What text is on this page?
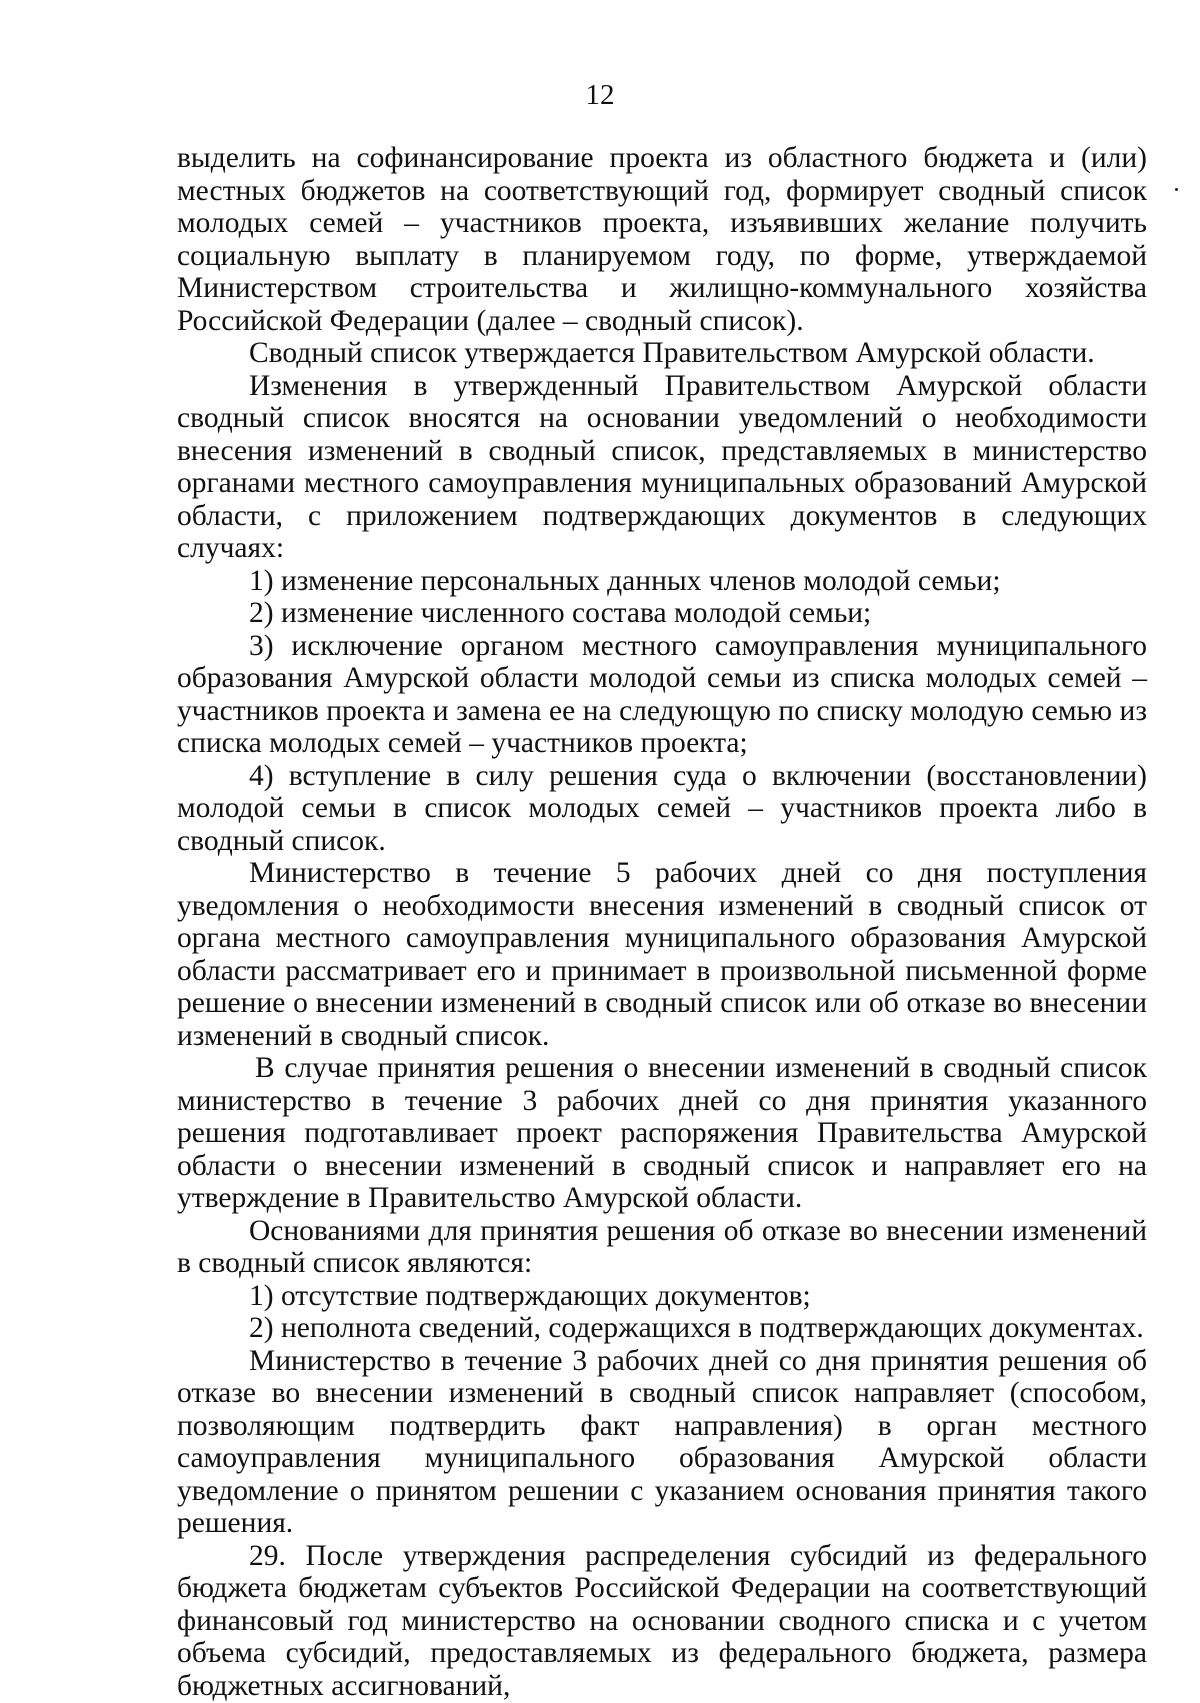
12

выделить на софинансирование проекта из областного бюджета и (или) местных бюджетов на соответствующий год, формирует сводный список молодых семей – участников проекта, изъявивших желание получить социальную выплату в планируемом году, по форме, утверждаемой Министерством строительства и жилищно-коммунального хозяйства Российской Федерации (далее – сводный список).

Сводный список утверждается Правительством Амурской области.

Изменения в утвержденный Правительством Амурской области сводный список вносятся на основании уведомлений о необходимости внесения изменений в сводный список, представляемых в министерство органами местного самоуправления муниципальных образований Амурской области, с приложением подтверждающих документов в следующих случаях:

1) изменение персональных данных членов молодой семьи;

2) изменение численного состава молодой семьи;

3) исключение органом местного самоуправления муниципального образования Амурской области молодой семьи из списка молодых семей – участников проекта и замена ее на следующую по списку молодую семью из списка молодых семей – участников проекта;

4) вступление в силу решения суда о включении (восстановлении) молодой семьи в список молодых семей – участников проекта либо в сводный список.

Министерство в течение 5 рабочих дней со дня поступления уведомления о необходимости внесения изменений в сводный список от органа местного самоуправления муниципального образования Амурской области рассматривает его и принимает в произвольной письменной форме решение о внесении изменений в сводный список или об отказе во внесении изменений в сводный список.

В случае принятия решения о внесении изменений в сводный список министерство в течение 3 рабочих дней со дня принятия указанного решения подготавливает проект распоряжения Правительства Амурской области о внесении изменений в сводный список и направляет его на утверждение в Правительство Амурской области.

Основаниями для принятия решения об отказе во внесении изменений в сводный список являются:

1) отсутствие подтверждающих документов;

2) неполнота сведений, содержащихся в подтверждающих документах.

Министерство в течение 3 рабочих дней со дня принятия решения об отказе во внесении изменений в сводный список направляет (способом, позволяющим подтвердить факт направления) в орган местного самоуправления муниципального образования Амурской области уведомление о принятом решении с указанием основания принятия такого решения.

29. После утверждения распределения субсидий из федерального бюджета бюджетам субъектов Российской Федерации на соответствующий финансовый год министерство на основании сводного списка и с учетом объема субсидий, предоставляемых из федерального бюджета, размера бюджетных ассигнований,
